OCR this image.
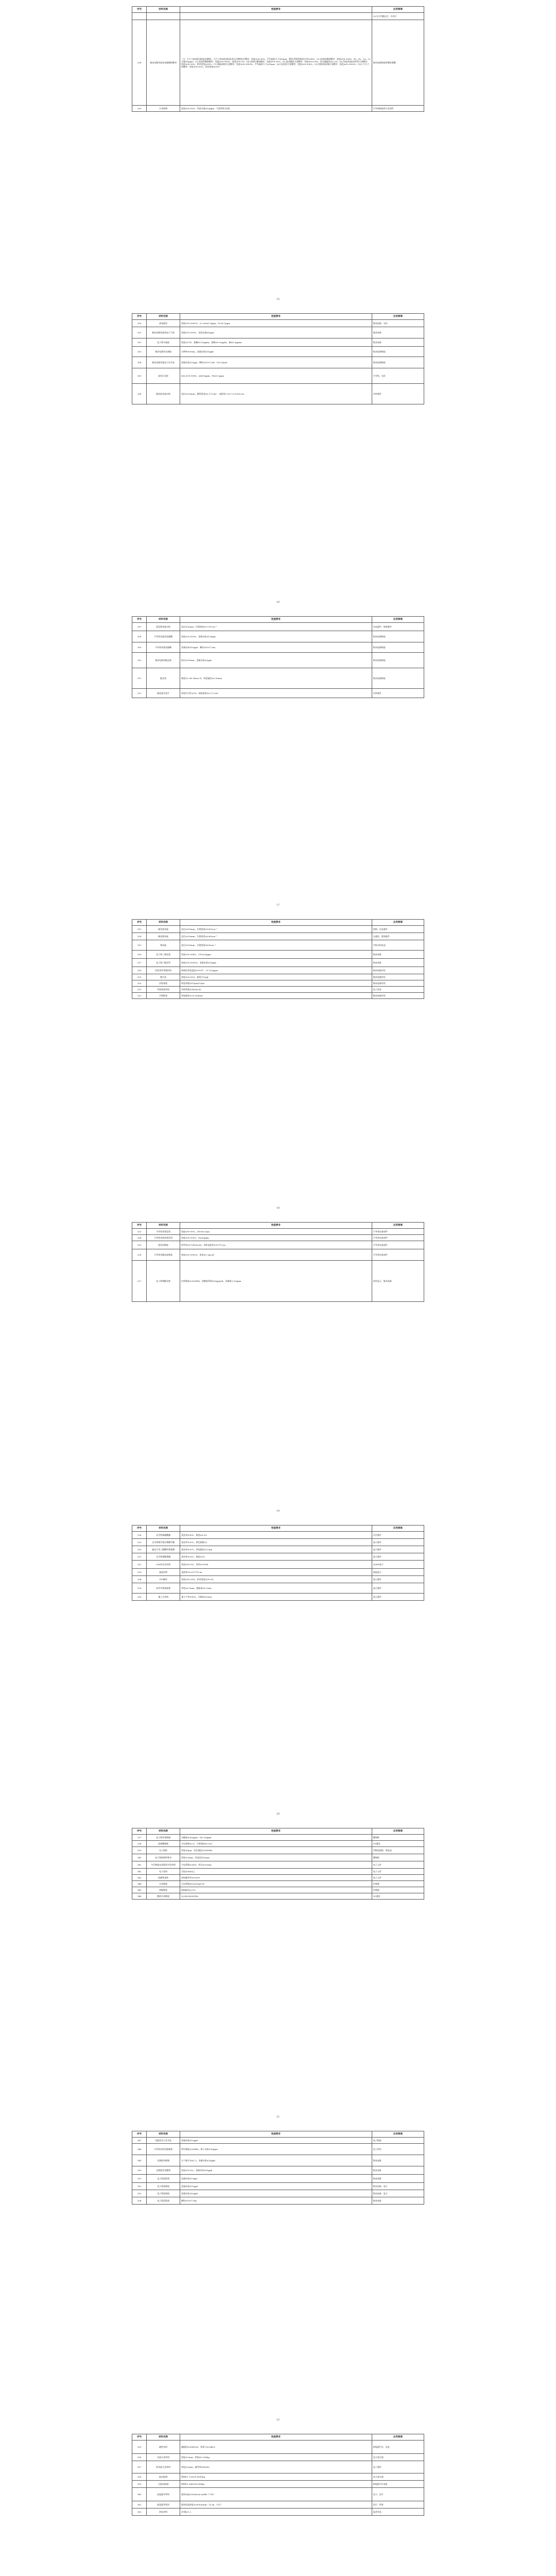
序号	材料名称	性能要求	应用领域
			18 英寸用抛光片、外延片
298	集成电路用高纯金属溅射靶材	（1）大尺寸高纯钽/铜/钴/铝靶材、大尺寸高纯钽/铜/钴/铝合金靶材/钌靶材，纯度≥99.99%，平均晶粒尺寸≤50μm，靶材/背板焊接结合率≥98%；(2) 高纯钴溅射靶材：纯度≥99.999%，Fe、Ni、Cu、Cr含量≤1ppm；(3) 高纯钨溅射靶材：纯度≥99.999%，密度≥99.5%；(4) 高纯钌溅射靶材：纯度≥99.95%；(5) 高纯镍铂合金靶材：纯度≥99.99%，铂含量偏差≤0.5%；(6) 钨硅/钼硅/钽铝等合金靶材：纯度≥99.99%，相对密度≥99%；(7) 铜锰/铜铝合金靶材：纯度≥99.9999%，平均晶粒尺寸≤30μm；(8) 钛/钛铝合金靶材：纯度≥99.995%；(9) 铝铜/铝硅铜合金靶材：纯度≥99.9995%；(10) 大尺寸钼靶材：纯度≥99.95%，相对密度≥99%	集成电路制造用溅射薄膜
299	石英玻璃	纯度≥99.99%，羟基含量≤10ppm，气泡等级为0级	半导体制造用石英部件
序号	材料名称	性能要求	应用领域
300	高纯硅烷	纯度≥99.9999%，O₂+Ar≤0.1ppm，N₂≤0.1ppm	集成电路、光伏
301	集成电路用高纯电子气体	纯度≥99.999%，杂质总量≤1ppm	集成电路
302	电子级多晶硅	纯度≥11N，基硼≤0.02ppba，基磷≤0.02ppba，碳≤0.3ppma	集成电路
303	集成电路用光刻胶	分辨率≤90nm，金属杂质≤10ppb	集成电路制造
304	集成电路用湿电子化学品	金属杂质≤10ppt，颗粒≤100个/mL（≥0.05μm）	集成电路制造
305	高纯石英砂	SiO₂≥99.998%，Al≤10ppm，Fe≤0.3ppm	半导体、光伏
306	碳化硅单晶衬底	直径≥150mm，微管密度≤0.5个/cm²，电阻率0.015~0.025Ω·cm	功率器件
15
序号	材料名称	性能要求	应用领域
307	氮化镓单晶衬底	直径≥50mm，位错密度≤1×10⁶cm⁻²	光电器件、射频器件
308	半导体用高纯氢氟酸	纯度≥99.999%，金属杂质≤100ppt	集成电路制造
309	半导体用高纯硫酸	金属杂质≤10ppb，颗粒≤100个/mL	集成电路制造
310	集成电路用抛光液	粒径≤100nm，金属杂质≤1ppb	集成电路制造
311	抛光垫	硬度50~60 Shore D，厚度偏差≤0.05mm	集成电路制造
312	碳化硅外延片	厚度均匀性≤3%，缺陷密度≤0.5个/cm²	功率器件
16
序号	材料名称	性能要求	应用领域
313	砷化镓单晶	直径≥150mm，位错密度≤1000cm⁻²	射频、光电器件
314	磷化铟单晶	直径≥100mm，位错密度≤5000cm⁻²	光通信、射频器件
315	锗单晶	直径≥150mm，位错密度≤500cm⁻²	空间太阳电池
316	电子级三氟化氮	纯度≥99.996%，CF₄≤20ppm	集成电路
317	电子级六氟化钨	纯度≥99.9999%，金属杂质≤10ppb	集成电路
318	封装用环氧塑封料	玻璃化转变温度≥150℃，Cl⁻≤20ppm	集成电路封装
319	键合丝	纯度≥99.99%，断裂力≥5gf	集成电路封装
320	封装基板	线宽/线距≤15μm/15μm	集成电路封装
321	导热界面材料	导热系数≥5W/(m·K)	电子封装
322	引线框架	厚度偏差≤±0.005mm	集成电路封装
17
序号	材料名称	性能要求	应用领域
323	半导体用氧化锆	纯度≥99.99%，D50≤0.5μm	半导体设备部件
324	半导体用高纯氧化铝	纯度≥99.999%，Na≤5ppm	半导体设备部件
325	氮化铝陶瓷	热导率≥170W/(m·K)，体积电阻率≥10¹⁴Ω·cm	半导体设备部件
326	半导体用碳化硅陶瓷	纯度≥99.9995%，密度≥3.1g/cm³	半导体设备部件
327	电子级聚酰亚胺	拉伸强度≥200MPa，热膨胀系数≤10ppm/K，金属离子≤1ppm	柔性显示、集成电路
18
序号	材料名称	性能要求	应用领域
328	光学级聚碳酸酯	透光率≥90%，雾度≤0.5%	光学器件
329	光学级聚甲基丙烯酸甲酯	透光率≥92%，黄色指数≤1	显示器件
330	偏光片用三醋酸纤维素膜	透光率≥92%，厚度偏差≤±2μm	显示器件
331	光学级聚酯薄膜	透光率≥91%，雾度≤1%	显示器件
332	OLED发光材料	纯度≥99.9%，寿命≥1000h	OLED显示
333	液晶材料	电阻率≥1×10¹³Ω·cm	液晶显示
334	ITO靶材	纯度≥99.99%，相对密度≥99.5%	显示器件
335	高世代玻璃基板	厚度≤0.5mm，翘曲度≤0.1mm	显示器件
336	量子点材料	量子产率≥90%，半峰宽≤30nm	显示器件
19
序号	材料名称	性能要求	应用领域
337	电子级环氧树脂	水解氯≤200ppm，Na⁺≤5ppm	覆铜板
338	高频覆铜板	介电常数≤3.5，介质损耗≤0.002	5G通信
339	电子铜箔	厚度≤6μm，抗拉强度≥300MPa	印制电路板、锂电池
340	电子级玻璃纤维布	厚度≤20μm，单丝直径≤5μm	覆铜板
341	多层陶瓷电容器用介质材料	介电常数≥3000，粒径≤200nm	电子元件
342	电子浆料	方阻≤3mΩ/□	电子元件
343	软磁铁氧体	初始磁导率≥10000	电子元件
344	压电陶瓷	压电常数d33≥500pC/N	传感器
345	热敏陶瓷	B值偏差≤±1%	传感器
346	微波介质陶瓷	Q×f≥50000GHz	5G通信
20
序号	材料名称	性能要求	应用领域
347	功能性电子化学品	金属杂质≤10ppb	电子制造
348	半导体封装用胶黏剂	剪切强度≥20MPa，离子杂质≤10ppm	电子封装
349	光刻胶用树脂	分子量分布≤1.5，金属杂质≤10ppb	集成电路
350	光刻胶用光酸剂	纯度≥99.9%，金属杂质≤50ppb	集成电路
351	电子级显影液	金属杂质≤10ppt	集成电路
352	电子级剥离液	金属杂质≤10ppb	集成电路、显示
353	电子级蚀刻液	金属杂质≤10ppb	集成电路、显示
354	电子级清洗液	颗粒≤100个/mL	集成电路
21
序号	材料名称	性能要求	应用领域
355	磁性材料	磁能积≥50MGOe，矫顽力≥20kOe	新能源汽车、风电
356	非晶合金带材	厚度≤25μm，铁损≤0.2W/kg	电力变压器
357	纳米晶合金带材	厚度≤20μm，磁导率≥80000	电子器件
358	取向硅钢	铁损P1.7/50≤0.80W/kg	电力变压器
359	无取向硅钢	铁损P1.0/400≤12W/kg	新能源汽车电机
360	高温超导带材	临界电流≥500A/cm-width（77K）	电力、医疗
361	低温超导线材	临界电流密度≥3000A/mm²（4.2K，12T）	医疗、科研
362	热电材料	ZT值≥1.2	温差发电
22
